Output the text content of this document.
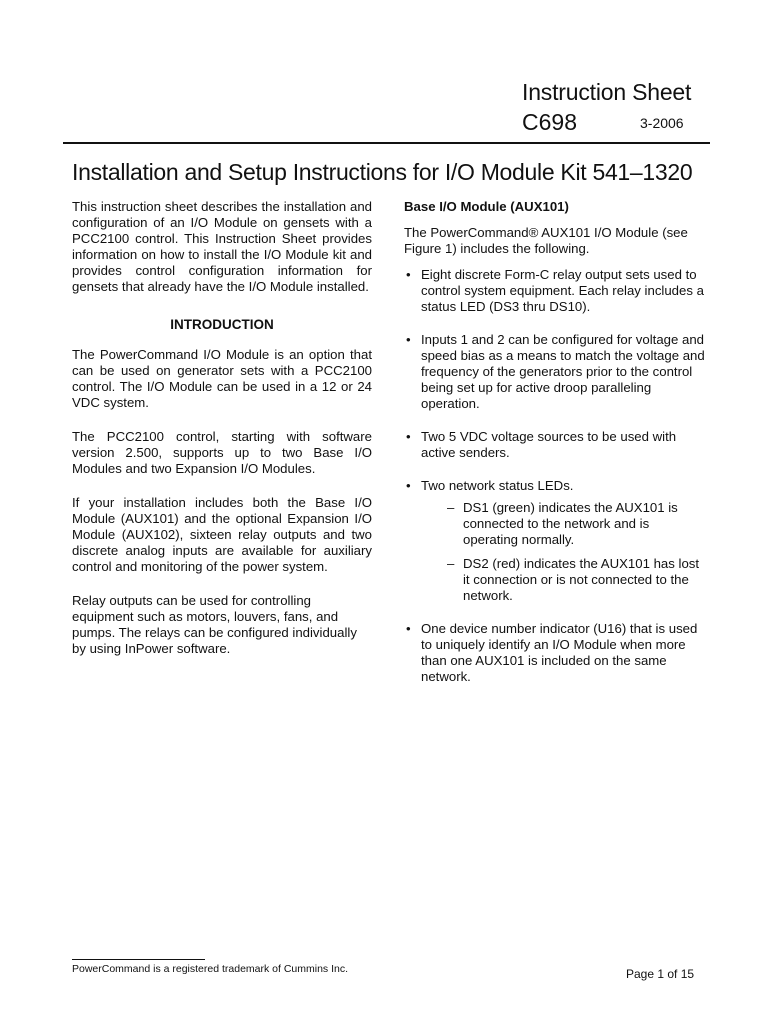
Instruction Sheet
C698	3-2006
Installation and Setup Instructions for I/O Module Kit 541–1320

This instruction sheet describes the installation and configuration of an I/O Module on gensets with a PCC2100 control. This Instruction Sheet provides information on how to install the I/O Module kit and provides control configuration information for gensets that already have the I/O Module installed.

INTRODUCTION

The PowerCommand I/O Module is an option that can be used on generator sets with a PCC2100 control. The I/O Module can be used in a 12 or 24 VDC system.

The PCC2100 control, starting with software version 2.500, supports up to two Base I/O Modules and two Expansion I/O Modules.

If your installation includes both the Base I/O Module (AUX101) and the optional Expansion I/O Module (AUX102), sixteen relay outputs and two discrete analog inputs are available for auxiliary control and monitoring of the power system.

Relay outputs can be used for controlling equipment such as motors, louvers, fans, and pumps. The relays can be configured individually by using InPower software.

Base I/O Module (AUX101)

The PowerCommand® AUX101 I/O Module (see Figure 1) includes the following.

• Eight discrete Form-C relay output sets used to control system equipment. Each relay includes a status LED (DS3 thru DS10).
• Inputs 1 and 2 can be configured for voltage and speed bias as a means to match the voltage and frequency of the generators prior to the control being set up for active droop paralleling operation.
• Two 5 VDC voltage sources to be used with active senders.
• Two network status LEDs.
– DS1 (green) indicates the AUX101 is connected to the network and is operating normally.
– DS2 (red) indicates the AUX101 has lost it connection or is not connected to the network.
• One device number indicator (U16) that is used to uniquely identify an I/O Module when more than one AUX101 is included on the same network.
PowerCommand is a registered trademark of Cummins Inc.	Page 1 of 15
